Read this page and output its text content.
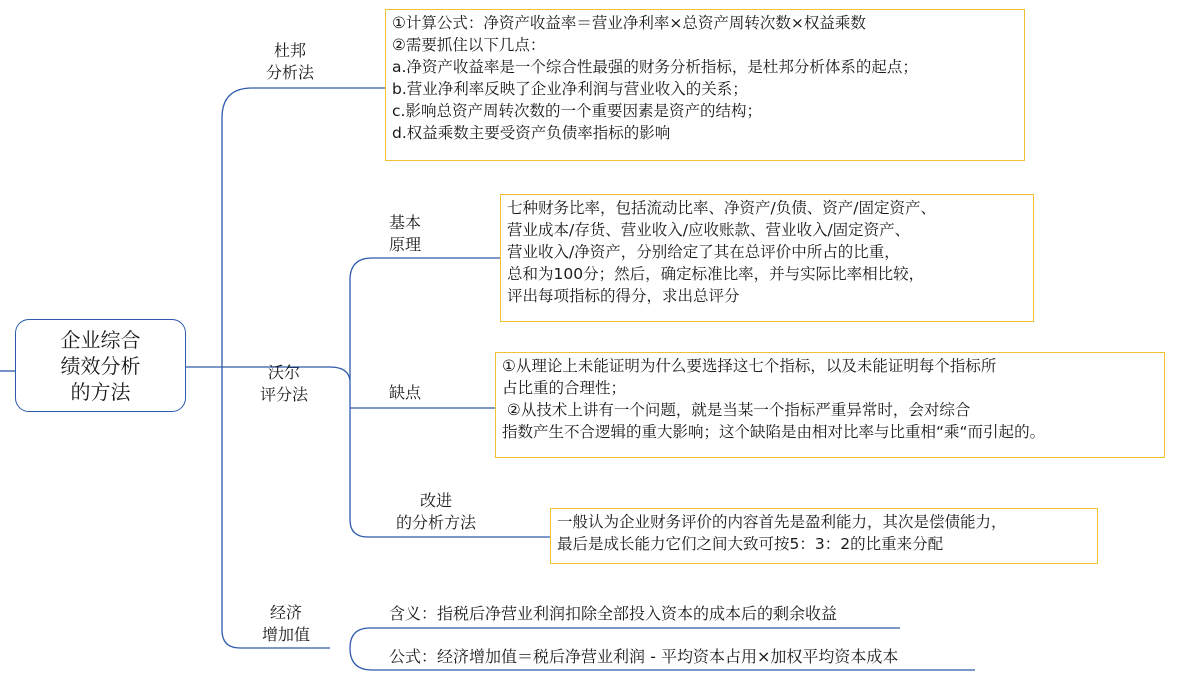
企业综合
绩效分析
的方法
杜邦
分析法
①计算公式：净资产收益率＝营业净利率×总资产周转次数×权益乘数
②需要抓住以下几点：
a.净资产收益率是一个综合性最强的财务分析指标，是杜邦分析体系的起点；
b.营业净利率反映了企业净利润与营业收入的关系；
c.影响总资产周转次数的一个重要因素是资产的结构；
d.权益乘数主要受资产负债率指标的影响
沃尔
评分法
基本
原理
七种财务比率，包括流动比率、净资产/负债、资产/固定资产、
营业成本/存货、营业收入/应收账款、营业收入/固定资产、
营业收入/净资产，分别给定了其在总评价中所占的比重，
总和为100分；然后，确定标准比率，并与实际比率相比较，
评出每项指标的得分，求出总评分
缺点
①从理论上未能证明为什么要选择这七个指标，以及未能证明每个指标所
占比重的合理性；
②从技术上讲有一个问题，就是当某一个指标严重异常时，会对综合
指数产生不合逻辑的重大影响；这个缺陷是由相对比率与比重相“乘“而引起的。
改进
的分析方法	一般认为企业财务评价的内容首先是盈利能力，其次是偿债能力，
最后是成长能力它们之间大致可按5：3：2的比重来分配
经济
增加值
含义：指税后净营业利润扣除全部投入资本的成本后的剩余收益
公式：经济增加值＝税后净营业利润 - 平均资本占用×加权平均资本成本
